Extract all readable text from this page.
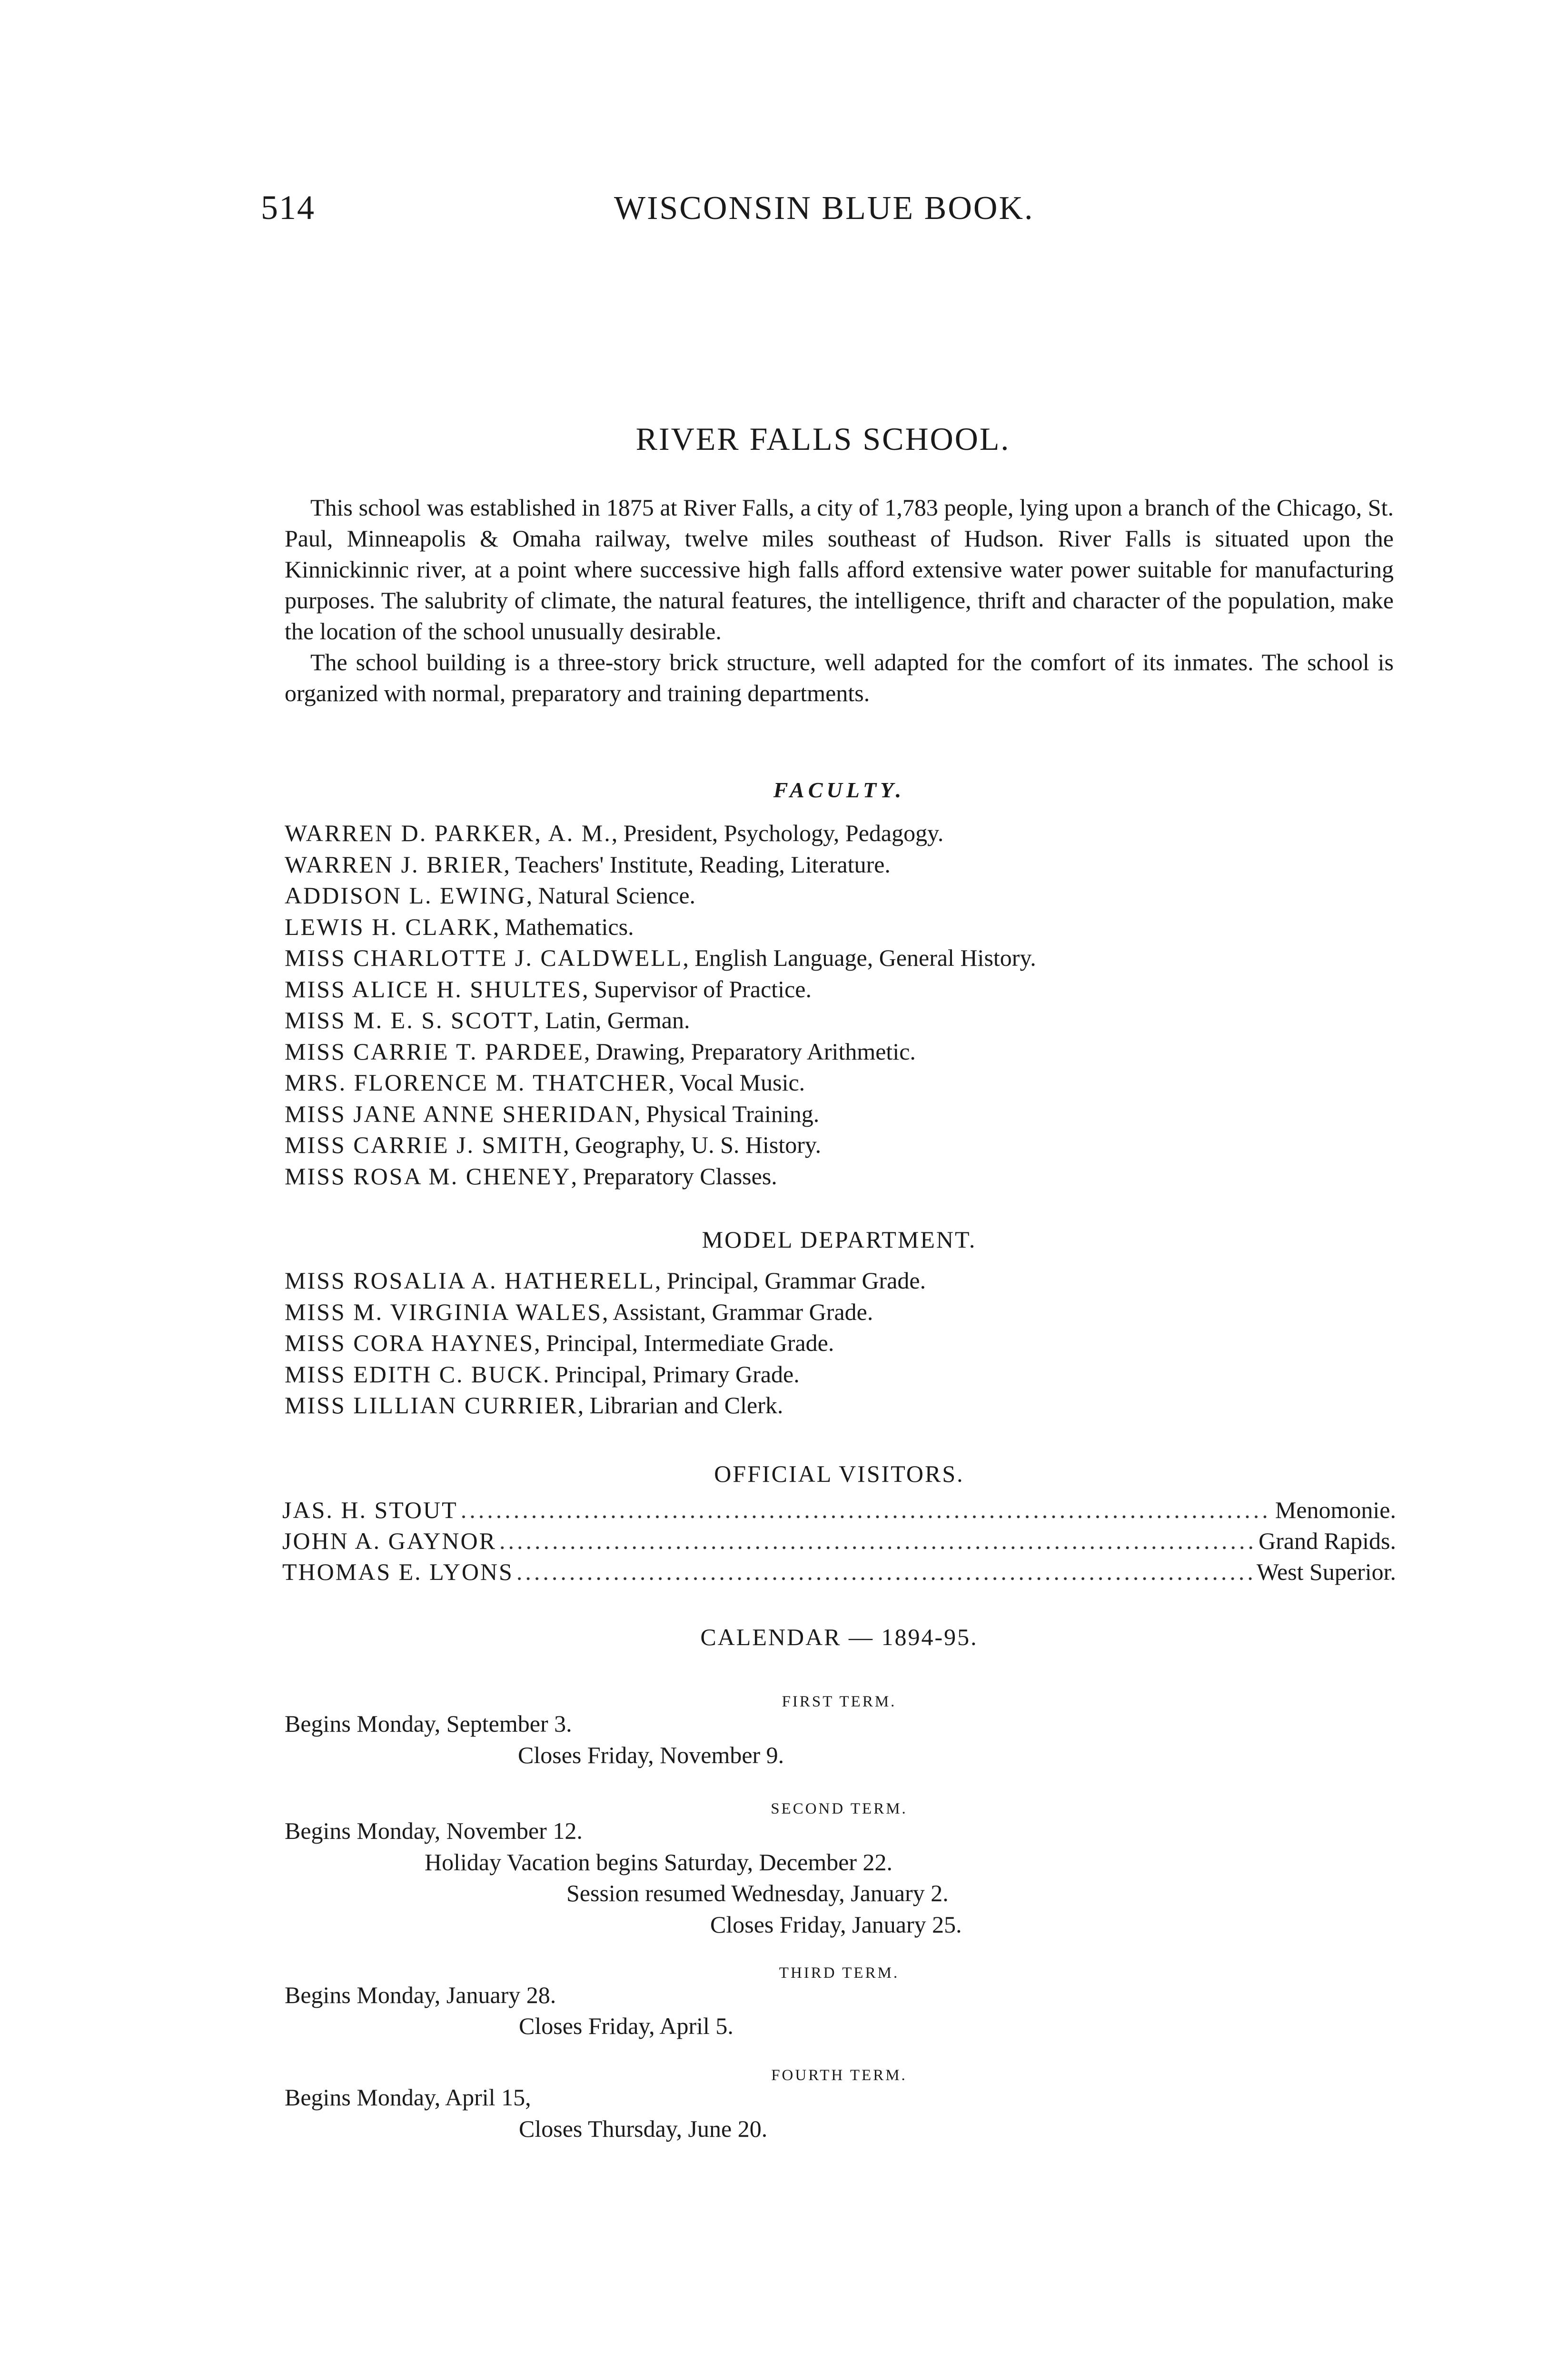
514	WISCONSIN BLUE BOOK.
RIVER FALLS SCHOOL.

This school was established in 1875 at River Falls, a city of 1,783 people, lying upon a branch of the Chicago, St. Paul, Minneapolis & Omaha railway, twelve miles southeast of Hudson. River Falls is situated upon the Kinnickinnic river, at a point where successive high falls afford extensive water power suitable for manufacturing purposes. The salubrity of climate, the natural features, the intelligence, thrift and character of the population, make the location of the school unusually desirable.

The school building is a three-story brick structure, well adapted for the comfort of its inmates. The school is organized with normal, preparatory and training departments.

FACULTY.
WARREN D. PARKER, A. M., President, Psychology, Pedagogy.
WARREN J. BRIER, Teachers' Institute, Reading, Literature.
ADDISON L. EWING, Natural Science.
LEWIS H. CLARK, Mathematics.
MISS CHARLOTTE J. CALDWELL, English Language, General History.
MISS ALICE H. SHULTES, Supervisor of Practice.
MISS M. E. S. SCOTT, Latin, German.
MISS CARRIE T. PARDEE, Drawing, Preparatory Arithmetic.
MRS. FLORENCE M. THATCHER, Vocal Music.
MISS JANE ANNE SHERIDAN, Physical Training.
MISS CARRIE J. SMITH, Geography, U. S. History.
MISS ROSA M. CHENEY, Preparatory Classes.
MODEL DEPARTMENT.
MISS ROSALIA A. HATHERELL, Principal, Grammar Grade.
MISS M. VIRGINIA WALES, Assistant, Grammar Grade.
MISS CORA HAYNES, Principal, Intermediate Grade.
MISS EDITH C. BUCK. Principal, Primary Grade.
MISS LILLIAN CURRIER, Librarian and Clerk.
OFFICIAL VISITORS.
JAS. H. STOUT .....	Menomonie.
JOHN A. GAYNOR .....	Grand Rapids.
THOMAS E. LYONS .....	West Superior.
CALENDAR — 1894-95.
FIRST TERM.
Begins Monday, September 3.
Closes Friday, November 9.
SECOND TERM.
Begins Monday, November 12.
Holiday Vacation begins Saturday, December 22.
Session resumed Wednesday, January 2.
Closes Friday, January 25.
THIRD TERM.
Begins Monday, January 28.
Closes Friday, April 5.
FOURTH TERM.
Begins Monday, April 15,
Closes Thursday, June 20.
